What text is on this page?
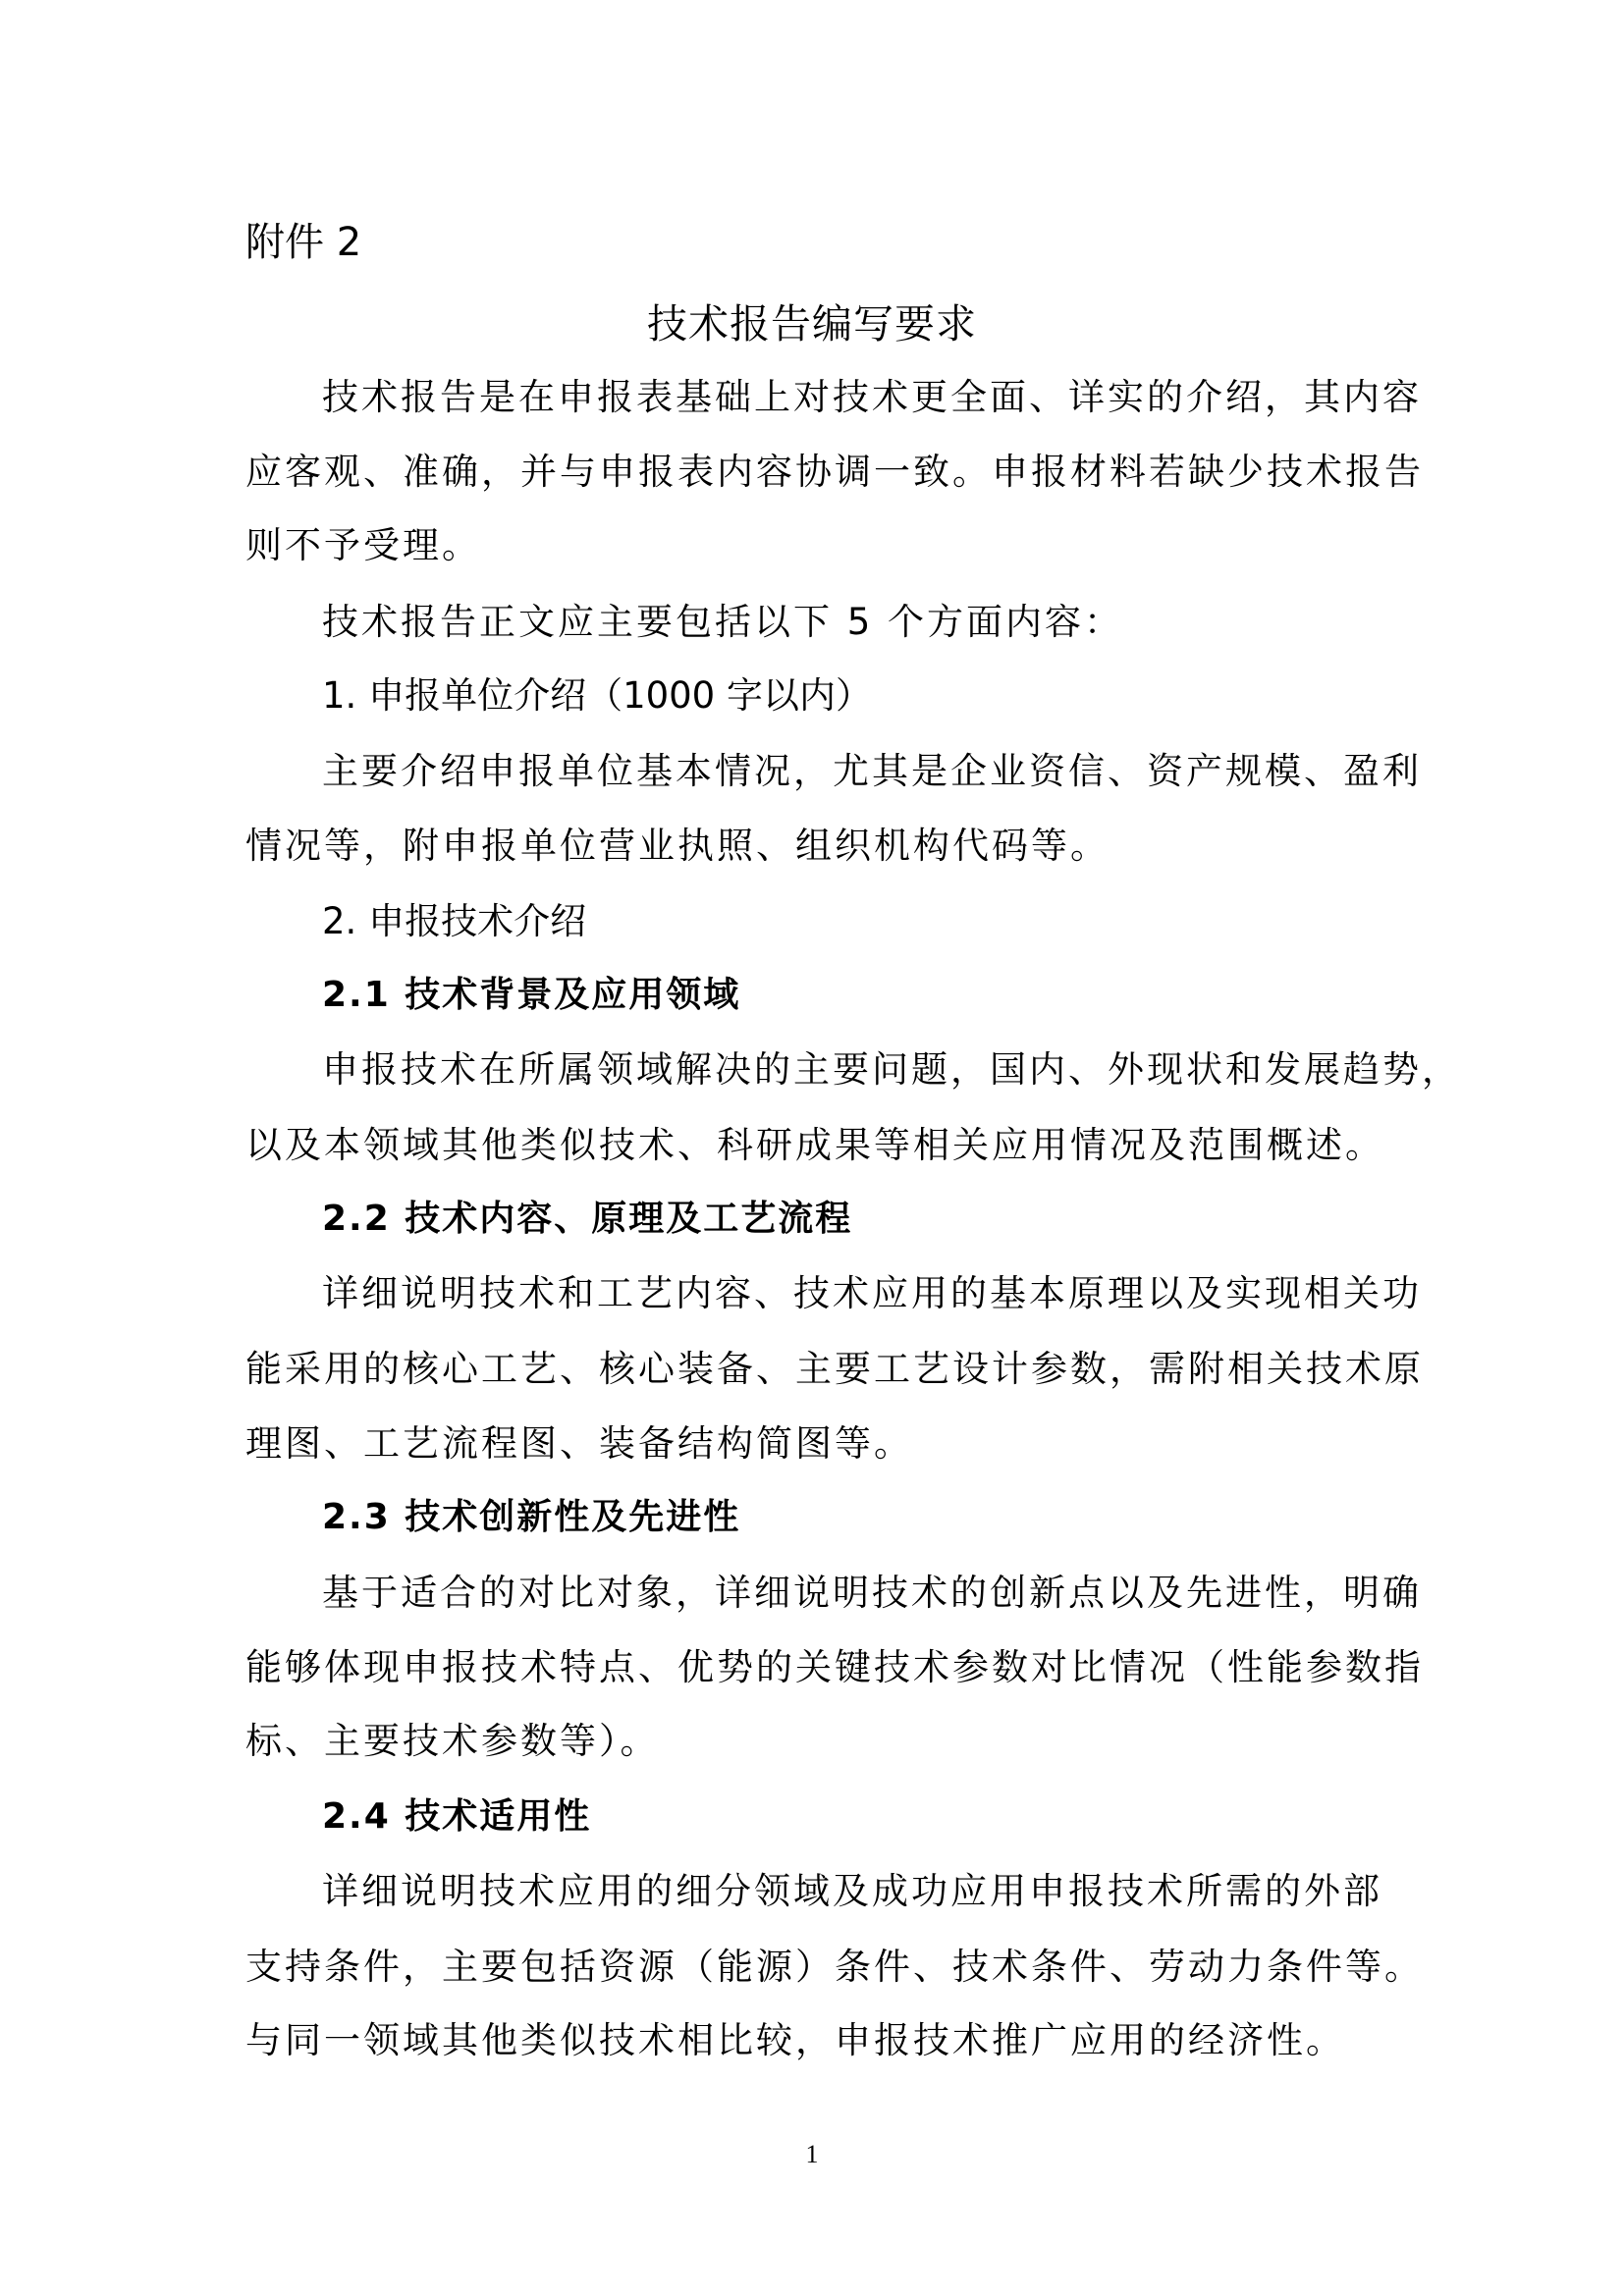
附件 2
技术报告编写要求
技术报告是在申报表基础上对技术更全面、详实的介绍，其内容
应客观、准确，并与申报表内容协调一致。申报材料若缺少技术报告
则不予受理。
技术报告正文应主要包括以下 5 个方面内容：
1. 申报单位介绍（1000 字以内）
主要介绍申报单位基本情况，尤其是企业资信、资产规模、盈利
情况等，附申报单位营业执照、组织机构代码等。
2. 申报技术介绍
2.1 技术背景及应用领域
申报技术在所属领域解决的主要问题，国内、外现状和发展趋势，
以及本领域其他类似技术、科研成果等相关应用情况及范围概述。
2.2 技术内容、原理及工艺流程
详细说明技术和工艺内容、技术应用的基本原理以及实现相关功
能采用的核心工艺、核心装备、主要工艺设计参数，需附相关技术原
理图、工艺流程图、装备结构简图等。
2.3 技术创新性及先进性
基于适合的对比对象，详细说明技术的创新点以及先进性，明确
能够体现申报技术特点、优势的关键技术参数对比情况（性能参数指
标、主要技术参数等）。
2.4 技术适用性
详细说明技术应用的细分领域及成功应用申报技术所需的外部
支持条件，主要包括资源（能源）条件、技术条件、劳动力条件等。
与同一领域其他类似技术相比较，申报技术推广应用的经济性。
1
